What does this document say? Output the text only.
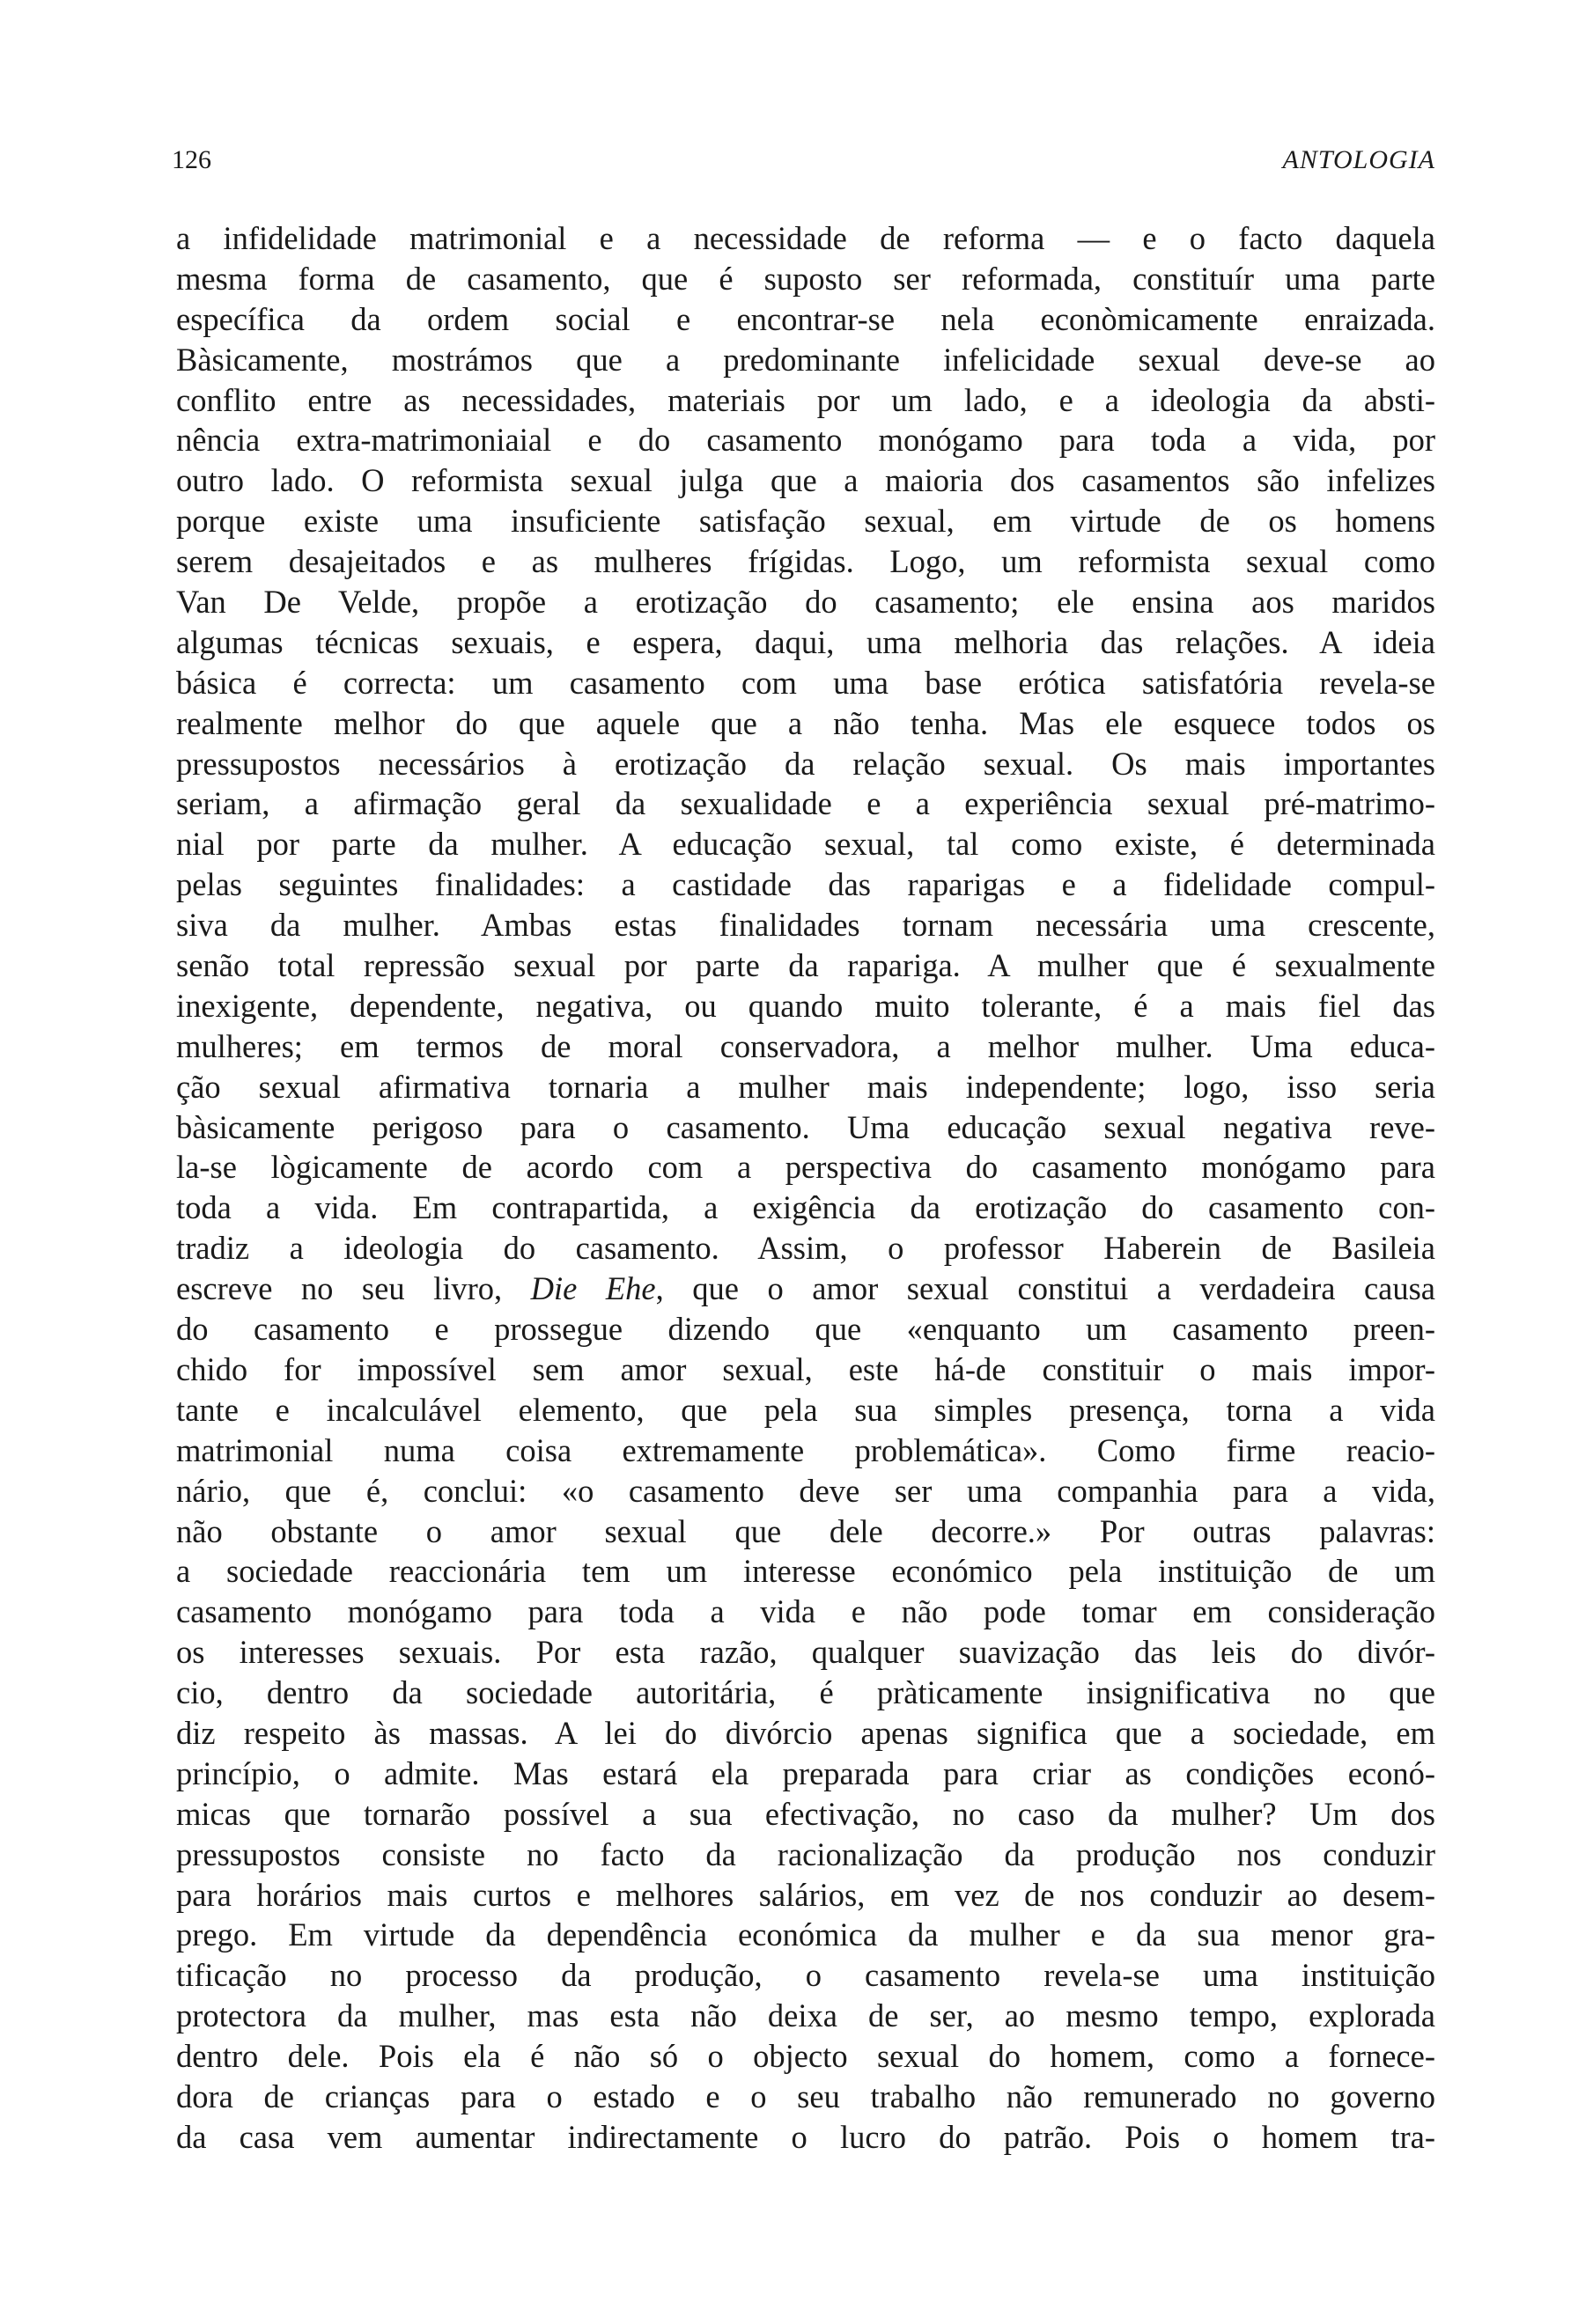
126	ANTOLOGIA
a infidelidade matrimonial e a necessidade de reforma — e o facto daquela
mesma forma de casamento, que é suposto ser reformada, constituír uma parte
específica da ordem social e encontrar-se nela econòmicamente enraizada.
Bàsicamente, mostrámos que a predominante infelicidade sexual deve-se ao
conflito entre as necessidades, materiais por um lado, e a ideologia da absti-
nência extra-matrimoniaial e do casamento monógamo para toda a vida, por
outro lado. O reformista sexual julga que a maioria dos casamentos são infelizes
porque existe uma insuficiente satisfação sexual, em virtude de os homens
serem desajeitados e as mulheres frígidas. Logo, um reformista sexual como
Van De Velde, propõe a erotização do casamento; ele ensina aos maridos
algumas técnicas sexuais, e espera, daqui, uma melhoria das relações. A ideia
básica é correcta: um casamento com uma base erótica satisfatória revela-se
realmente melhor do que aquele que a não tenha. Mas ele esquece todos os
pressupostos necessários à erotização da relação sexual. Os mais importantes
seriam, a afirmação geral da sexualidade e a experiência sexual pré-matrimo-
nial por parte da mulher. A educação sexual, tal como existe, é determinada
pelas seguintes finalidades: a castidade das raparigas e a fidelidade compul-
siva da mulher. Ambas estas finalidades tornam necessária uma crescente,
senão total repressão sexual por parte da rapariga. A mulher que é sexualmente
inexigente, dependente, negativa, ou quando muito tolerante, é a mais fiel das
mulheres; em termos de moral conservadora, a melhor mulher. Uma educa-
ção sexual afirmativa tornaria a mulher mais independente; logo, isso seria
bàsicamente perigoso para o casamento. Uma educação sexual negativa reve-
la-se lògicamente de acordo com a perspectiva do casamento monógamo para
toda a vida. Em contrapartida, a exigência da erotização do casamento con-
tradiz a ideologia do casamento. Assim, o professor Haberein de Basileia
escreve no seu livro, Die Ehe, que o amor sexual constitui a verdadeira causa
do casamento e prossegue dizendo que «enquanto um casamento preen-
chido for impossível sem amor sexual, este há-de constituir o mais impor-
tante e incalculável elemento, que pela sua simples presença, torna a vida
matrimonial numa coisa extremamente problemática». Como firme reacio-
nário, que é, conclui: «o casamento deve ser uma companhia para a vida,
não obstante o amor sexual que dele decorre.» Por outras palavras:
a sociedade reaccionária tem um interesse económico pela instituição de um
casamento monógamo para toda a vida e não pode tomar em consideração
os interesses sexuais. Por esta razão, qualquer suavização das leis do divór-
cio, dentro da sociedade autoritária, é pràticamente insignificativa no que
diz respeito às massas. A lei do divórcio apenas significa que a sociedade, em
princípio, o admite. Mas estará ela preparada para criar as condições econó-
micas que tornarão possível a sua efectivação, no caso da mulher? Um dos
pressupostos consiste no facto da racionalização da produção nos conduzir
para horários mais curtos e melhores salários, em vez de nos conduzir ao desem-
prego. Em virtude da dependência económica da mulher e da sua menor gra-
tificação no processo da produção, o casamento revela-se uma instituição
protectora da mulher, mas esta não deixa de ser, ao mesmo tempo, explorada
dentro dele. Pois ela é não só o objecto sexual do homem, como a fornece-
dora de crianças para o estado e o seu trabalho não remunerado no governo
da casa vem aumentar indirectamente o lucro do patrão. Pois o homem tra-
